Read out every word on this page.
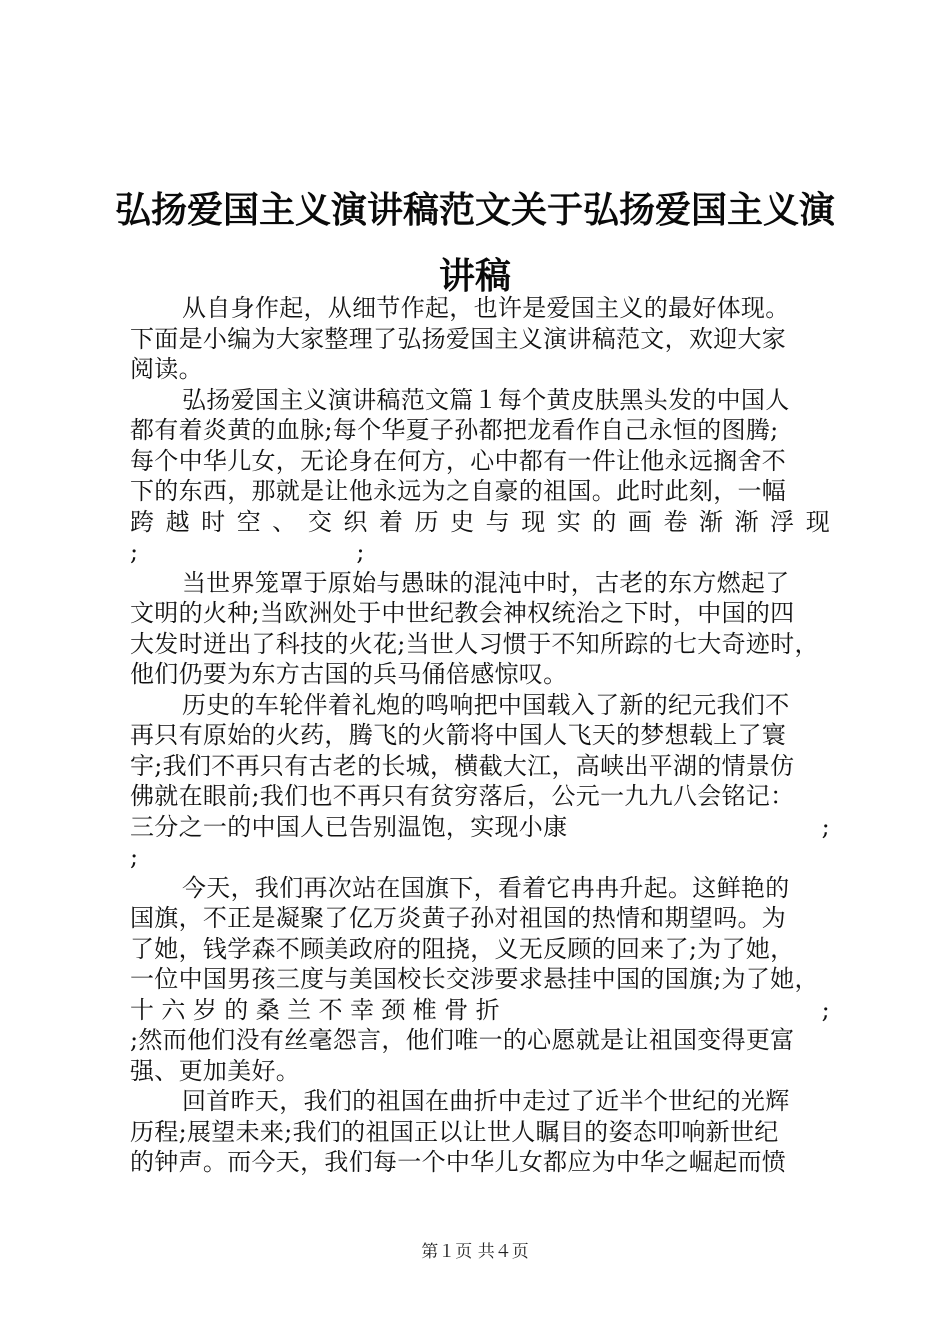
弘扬爱国主义演讲稿范文关于弘扬爱国主义演
讲稿
从自身作起，从细节作起，也许是爱国主义的最好体现。
下面是小编为大家整理了弘扬爱国主义演讲稿范文，欢迎大家
阅读。
弘扬爱国主义演讲稿范文篇１每个黄皮肤黑头发的中国人
都有着炎黄的血脉;每个华夏子孙都把龙看作自己永恒的图腾;
每个中华儿女，无论身在何方，心中都有一件让他永远搁舍不
下的东西，那就是让他永远为之自豪的祖国。此时此刻，一幅
跨 越 时 空 、 交 织 着 历 史 与 现 实 的 画 卷 渐 渐 浮 现
;	;
当世界笼罩于原始与愚昧的混沌中时，古老的东方燃起了
文明的火种;当欧洲处于中世纪教会神权统治之下时，中国的四
大发时迸出了科技的火花;当世人习惯于不知所踪的七大奇迹时，
他们仍要为东方古国的兵马俑倍感惊叹。
历史的车轮伴着礼炮的鸣响把中国载入了新的纪元我们不
再只有原始的火药，腾飞的火箭将中国人飞天的梦想载上了寰
宇;我们不再只有古老的长城，横截大江，高峡出平湖的情景仿
佛就在眼前;我们也不再只有贫穷落后，公元一九九八会铭记：
三分之一的中国人已告别温饱，实现小康	;
;
今天，我们再次站在国旗下，看着它冉冉升起。这鲜艳的
国旗，不正是凝聚了亿万炎黄子孙对祖国的热情和期望吗。为
了她，钱学森不顾美政府的阻挠，义无反顾的回来了;为了她，
一位中国男孩三度与美国校长交涉要求悬挂中国的国旗;为了她，
十 六 岁 的 桑 兰 不 幸 颈 椎 骨 折	;
;然而他们没有丝毫怨言，他们唯一的心愿就是让祖国变得更富
强、更加美好。
回首昨天，我们的祖国在曲折中走过了近半个世纪的光辉
历程;展望未来;我们的祖国正以让世人瞩目的姿态叩响新世纪
的钟声。而今天，我们每一个中华儿女都应为中华之崛起而愤
第１页 共４页
